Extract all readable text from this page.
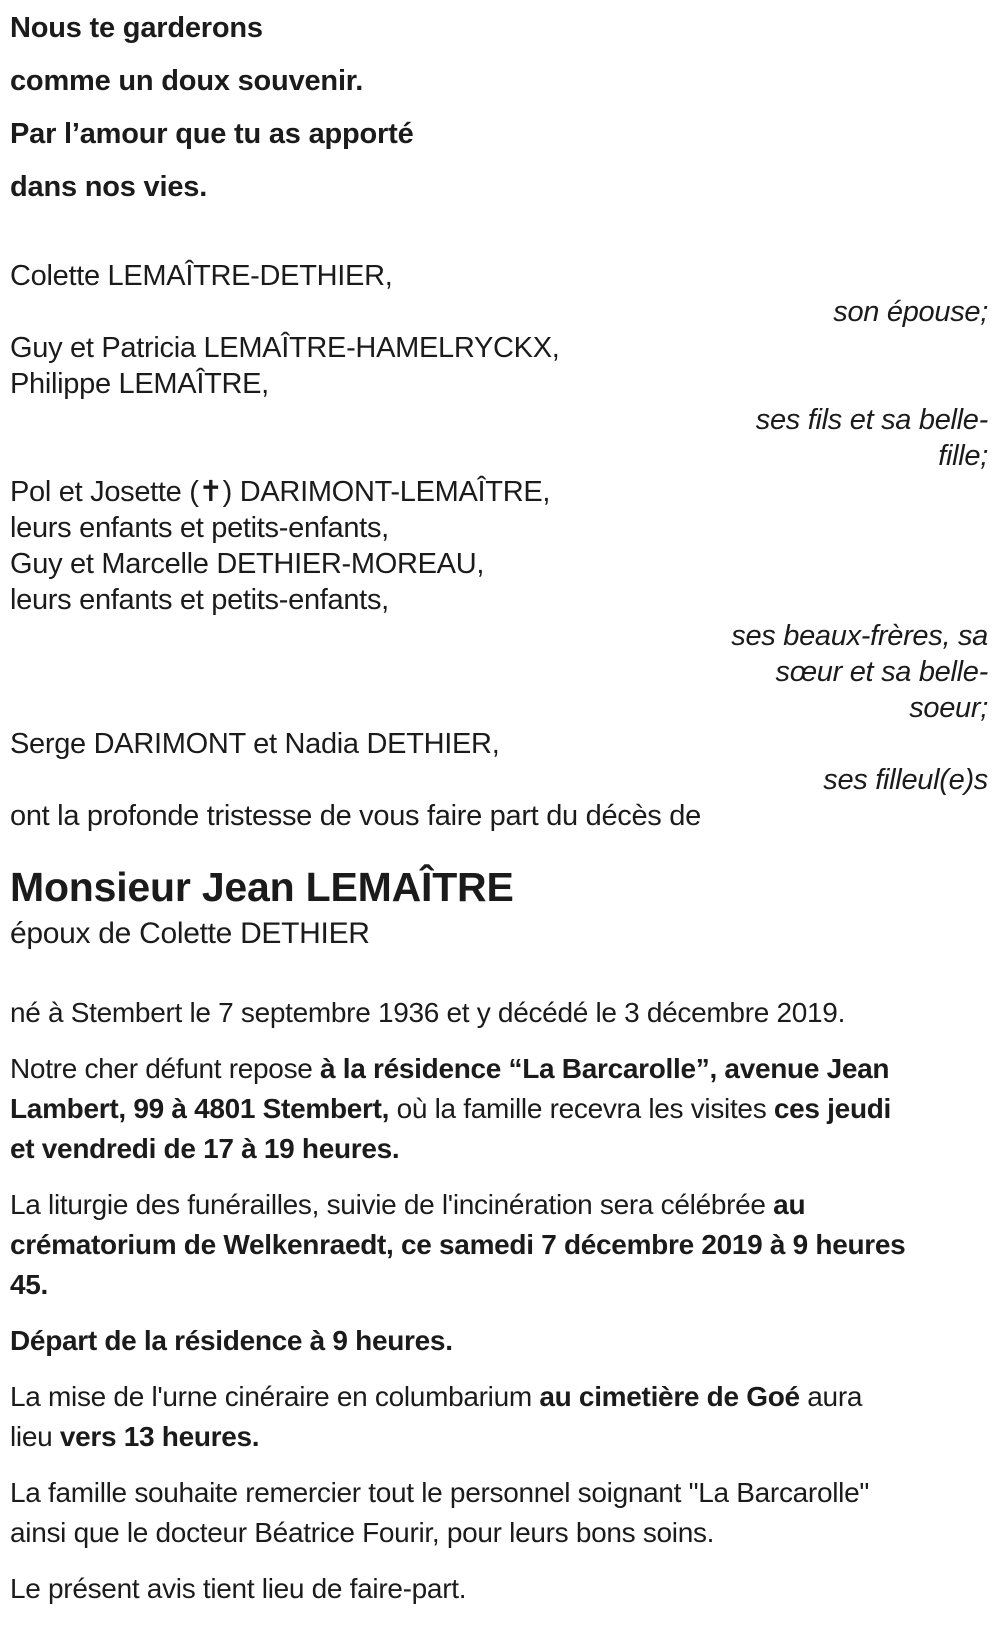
Nous te garderons
comme un doux souvenir.
Par l’amour que tu as apporté
dans nos vies.
Colette LEMAÎTRE-DETHIER,
son épouse;
Guy et Patricia LEMAÎTRE-HAMELRYCKX,
Philippe LEMAÎTRE,
ses fils et sa belle-
fille;
Pol et Josette (✝) DARIMONT-LEMAÎTRE,
leurs enfants et petits-enfants,
Guy et Marcelle DETHIER-MOREAU,
leurs enfants et petits-enfants,
ses beaux-frères, sa
sœur et sa belle-
soeur;
Serge DARIMONT et Nadia DETHIER,
ses filleul(e)s
ont la profonde tristesse de vous faire part du décès de
Monsieur Jean LEMAÎTRE
époux de Colette DETHIER

né à Stembert le 7 septembre 1936 et y décédé le 3 décembre 2019.

Notre cher défunt repose à la résidence “La Barcarolle”, avenue Jean
Lambert, 99 à 4801 Stembert, où la famille recevra les visites ces jeudi
et vendredi de 17 à 19 heures.

La liturgie des funérailles, suivie de l'incinération sera célébrée au
crématorium de Welkenraedt, ce samedi 7 décembre 2019 à 9 heures
45.

Départ de la résidence à 9 heures.

La mise de l'urne cinéraire en columbarium au cimetière de Goé aura
lieu vers 13 heures.

La famille souhaite remercier tout le personnel soignant "La Barcarolle"
ainsi que le docteur Béatrice Fourir, pour leurs bons soins.

Le présent avis tient lieu de faire-part.
